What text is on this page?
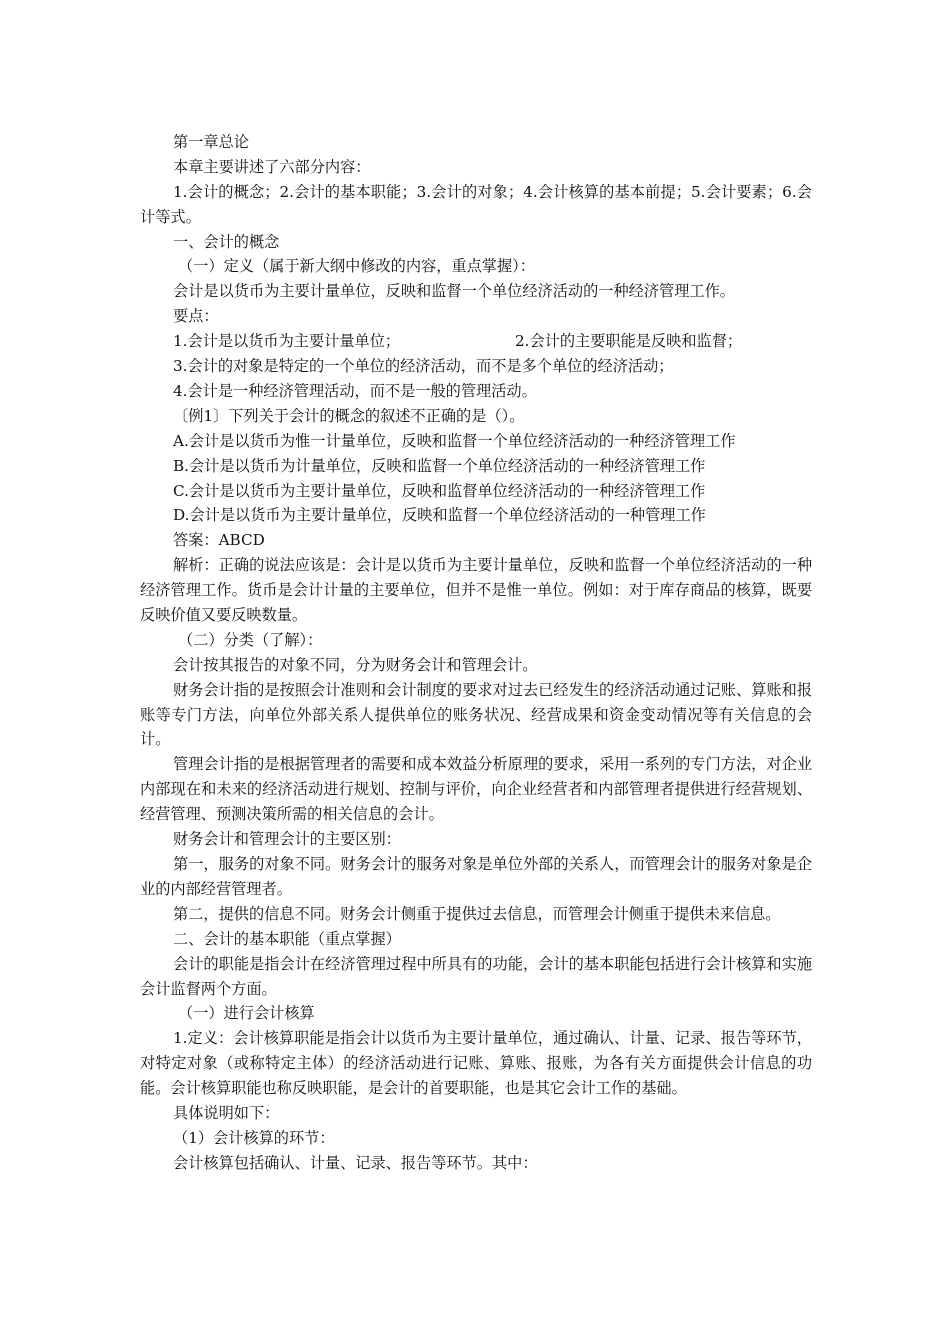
第一章总论
本章主要讲述了六部分内容：
1.会计的概念；2.会计的基本职能；3.会计的对象；4.会计核算的基本前提；5.会计要素；6.会计等式。
一、会计的概念
（一）定义（属于新大纲中修改的内容，重点掌握）：
会计是以货币为主要计量单位，反映和监督一个单位经济活动的一种经济管理工作。
要点：
1.会计是以货币为主要计量单位；	2.会计的主要职能是反映和监督；
3.会计的对象是特定的一个单位的经济活动，而不是多个单位的经济活动；
4.会计是一种经济管理活动，而不是一般的管理活动。
〔例1〕下列关于会计的概念的叙述不正确的是（）。
A.会计是以货币为惟一计量单位，反映和监督一个单位经济活动的一种经济管理工作
B.会计是以货币为计量单位，反映和监督一个单位经济活动的一种经济管理工作
C.会计是以货币为主要计量单位，反映和监督单位经济活动的一种经济管理工作
D.会计是以货币为主要计量单位，反映和监督一个单位经济活动的一种管理工作
答案：ABCD
解析：正确的说法应该是：会计是以货币为主要计量单位，反映和监督一个单位经济活动的一种经济管理工作。货币是会计计量的主要单位，但并不是惟一单位。例如：对于库存商品的核算，既要反映价值又要反映数量。
（二）分类（了解）：
会计按其报告的对象不同，分为财务会计和管理会计。
财务会计指的是按照会计准则和会计制度的要求对过去已经发生的经济活动通过记账、算账和报账等专门方法，向单位外部关系人提供单位的账务状况、经营成果和资金变动情况等有关信息的会计。
管理会计指的是根据管理者的需要和成本效益分析原理的要求，采用一系列的专门方法，对企业内部现在和未来的经济活动进行规划、控制与评价，向企业经营者和内部管理者提供进行经营规划、经营管理、预测决策所需的相关信息的会计。
财务会计和管理会计的主要区别：
第一，服务的对象不同。财务会计的服务对象是单位外部的关系人，而管理会计的服务对象是企业的内部经营管理者。
第二，提供的信息不同。财务会计侧重于提供过去信息，而管理会计侧重于提供未来信息。
二、会计的基本职能（重点掌握）
会计的职能是指会计在经济管理过程中所具有的功能，会计的基本职能包括进行会计核算和实施会计监督两个方面。
（一）进行会计核算
1.定义：会计核算职能是指会计以货币为主要计量单位，通过确认、计量、记录、报告等环节，对特定对象（或称特定主体）的经济活动进行记账、算账、报账，为各有关方面提供会计信息的功能。会计核算职能也称反映职能，是会计的首要职能，也是其它会计工作的基础。
具体说明如下：
（1）会计核算的环节：
会计核算包括确认、计量、记录、报告等环节。其中：
